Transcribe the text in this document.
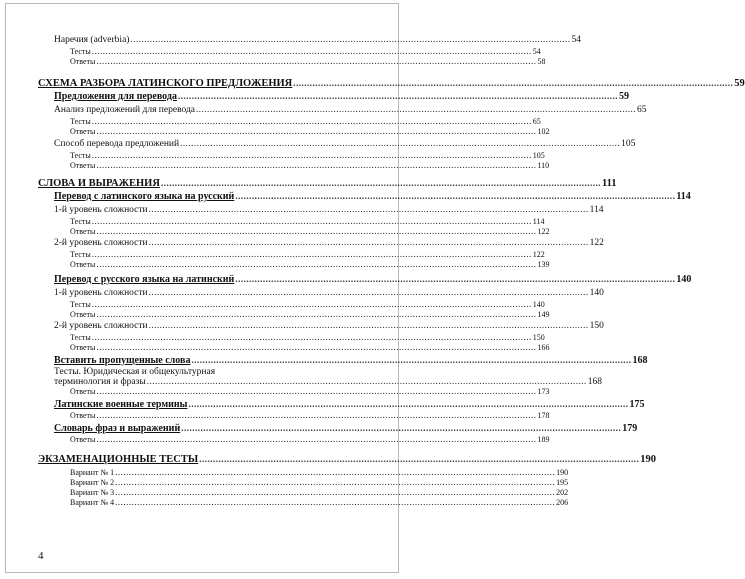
Наречия (adverbia) ................................................................................................................................................................ 54
Тесты ................................................................................................................................................................ 54
Ответы ................................................................................................................................................................ 58
СХЕМА РАЗБОРА ЛАТИНСКОГО ПРЕДЛОЖЕНИЯ ................................................................................................................................................................ 59
Предложения для перевода ................................................................................................................................................................ 59
Анализ предложений для перевода ................................................................................................................................................................ 65
Тесты ................................................................................................................................................................ 65
Ответы ................................................................................................................................................................ 102
Способ перевода предложений ................................................................................................................................................................ 105
Тесты ................................................................................................................................................................ 105
Ответы ................................................................................................................................................................ 110
СЛОВА И ВЫРАЖЕНИЯ ................................................................................................................................................................ 111
Перевод с латинского языка на русский ................................................................................................................................................................ 114
1-й уровень сложности ................................................................................................................................................................ 114
Тесты ................................................................................................................................................................ 114
Ответы ................................................................................................................................................................ 122
2-й уровень сложности ................................................................................................................................................................ 122
Тесты ................................................................................................................................................................ 122
Ответы ................................................................................................................................................................ 139
Перевод с русского языка на латинский ................................................................................................................................................................ 140
1-й уровень сложности ................................................................................................................................................................ 140
Тесты ................................................................................................................................................................ 140
Ответы ................................................................................................................................................................ 149
2-й уровень сложности ................................................................................................................................................................ 150
Тесты ................................................................................................................................................................ 150
Ответы ................................................................................................................................................................ 166
Вставить пропущенные слова ................................................................................................................................................................ 168
Тесты. Юридическая и общекультурная
терминология и фразы ................................................................................................................................................................ 168
Ответы ................................................................................................................................................................ 173
Латинские военные термины ................................................................................................................................................................ 175
Ответы ................................................................................................................................................................ 178
Словарь фраз и выражений ................................................................................................................................................................ 179
Ответы ................................................................................................................................................................ 189
ЭКЗАМЕНАЦИОННЫЕ ТЕСТЫ ................................................................................................................................................................ 190
Вариант № 1 ................................................................................................................................................................ 190
Вариант № 2 ................................................................................................................................................................ 195
Вариант № 3 ................................................................................................................................................................ 202
Вариант № 4 ................................................................................................................................................................ 206
4
